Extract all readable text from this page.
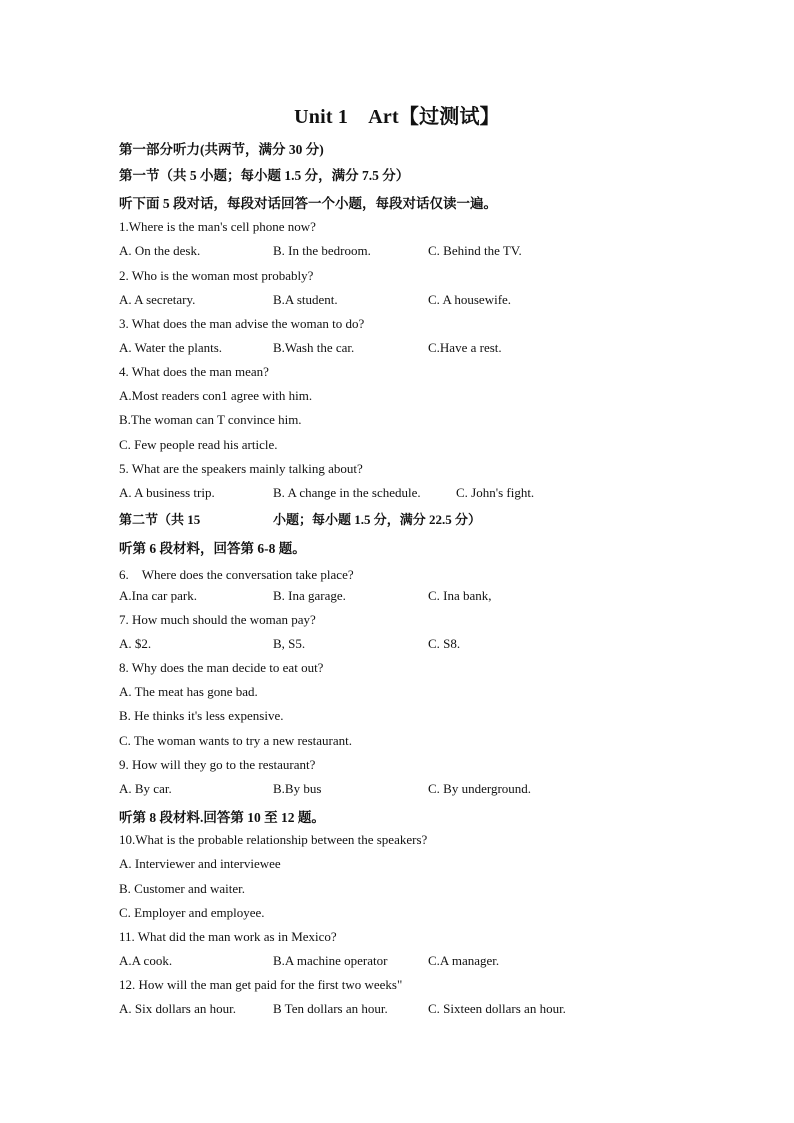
Unit 1　Art【过测试】
第一部分听力(共两节，满分 30 分)
第一节（共 5 小题；每小题 1.5 分，满分 7.5 分）
听下面 5 段对话，每段对话回答一个小题，每段对话仅读一遍。
1.Where is the man's cell phone now?
A. On the desk.	B. In the bedroom.	C. Behind the TV.
2. Who is the woman most probably?
A. A secretary.	B.A student.	C. A housewife.
3. What does the man advise the woman to do?
A. Water the plants.	B.Wash the car.	C.Have a rest.
4. What does the man mean?
A.Most readers con1 agree with him.
B.The woman can T convince him.
C. Few people read his article.
5. What are the speakers mainly talking about?
A. A business trip.	B. A change in the schedule.	C. John's fight.
第二节（共 15	小题；每小题 1.5 分，满分 22.5 分）
听第 6 段材料，回答第 6-8 题。
6.　Where does the conversation take place?
A.Ina car park.	B. Ina garage.	C. Ina bank,
7. How much should the woman pay?
A. $2.	B, S5.	C. S8.
8. Why does the man decide to eat out?
A. The meat has gone bad.
B. He thinks it's less expensive.
C. The woman wants to try a new restaurant.
9. How will they go to the restaurant?
A. By car.	B.By bus	C. By underground.
听第 8 段材料.回答第 10 至 12 题。
10.What is the probable relationship between the speakers?
A. Interviewer and interviewee
B. Customer and waiter.
C. Employer and employee.
11. What did the man work as in Mexico?
A.A cook.	B.A machine operator	C.A manager.
12. How will the man get paid for the first two weeks"
A. Six dollars an hour.	B Ten dollars an hour.	C. Sixteen dollars an hour.
